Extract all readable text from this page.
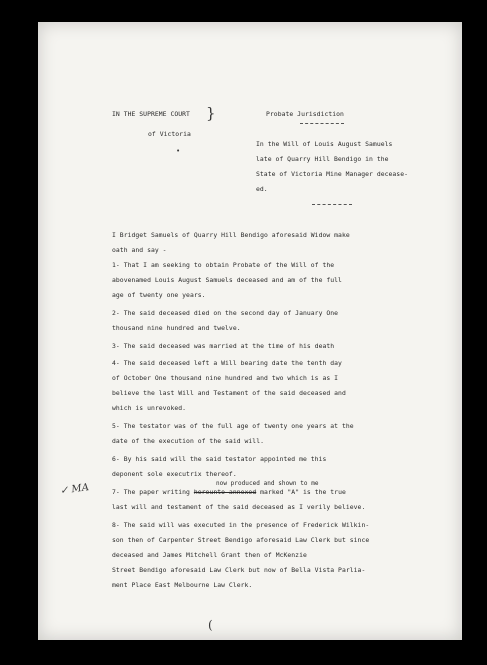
IN THE SUPREME COURT }
of Victoria
Probate Jurisdiction
In the Will of Louis August Samuels
late of Quarry Hill Bendigo in the
State of Victoria Mine Manager decease-
ed.
I Bridget Samuels of Quarry Hill Bendigo aforesaid Widow make
oath and say -
1- That I am seeking to obtain Probate of the Will of the
abovenamed Louis August Samuels deceased and am of the full
age of twenty one years.
2- The said deceased died on the second day of January One
thousand nine hundred and twelve.
3- The said deceased was married at the time of his death
4- The said deceased left a Will bearing date the tenth day
of October One thousand nine hundred and two which is as I
believe the last Will and Testament of the said deceased and
which is unrevoked.
5- The testator was of the full age of twenty one years at the
date of the execution of the said will.
6- By his said will the said testator appointed me this
deponent sole executrix thereof.
now produced and shown to me
7- The paper writing hereunto annexed marked "A" is the true
last will and testament of the said deceased as I verily believe.
8- The said will was executed in the presence of Frederick Wilkin-
son then of Carpenter Street Bendigo aforesaid Law Clerk but since
deceased and James Mitchell Grant then of McKenzie
Street Bendigo aforesaid Law Clerk but now of Bella Vista Parlia-
ment Place East Melbourne Law Clerk.
✓ MA
•
(
